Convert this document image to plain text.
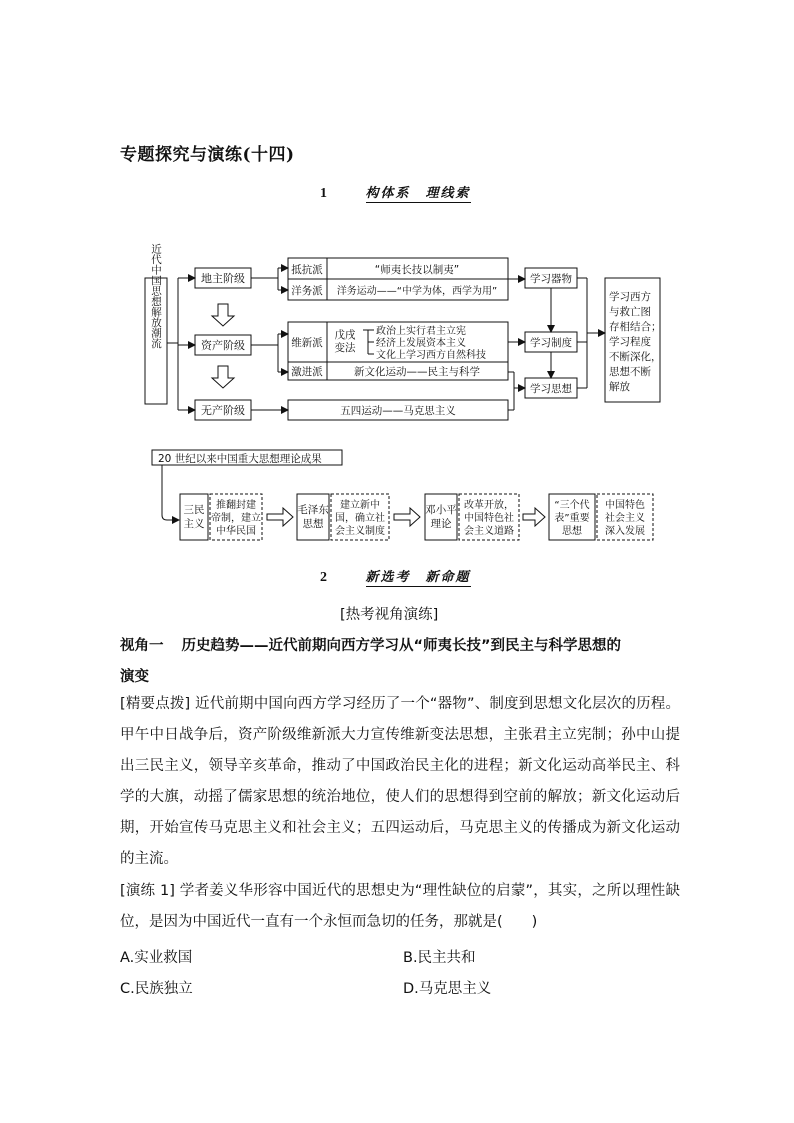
专题探究与演练(十四)
1	构体系　理线索
近代中国思想解放潮流	地主阶级
资产阶级
无产阶级
抵抗派
洋务派
维新派
激进派
“师夷长技以制夷”
洋务运动——“中学为体，西学为用”
戊戌
变法
政治上实行君主立宪
经济上发展资本主义
文化上学习西方自然科技
新文化运动——民主与科学
五四运动——马克思主义
学习器物
学习制度
学习思想
学习西方
与救亡图
存相结合；
学习程度
不断深化，
思想不断
解放
20 世纪以来中国重大思想理论成果
三民
主义
推翻封建
帝制，建立
中华民国
毛泽东
思想
建立新中
国，确立社
会主义制度
邓小平
理论
改革开放，
中国特色社
会主义道路
“三个代
表”重要
思想
中国特色
社会主义
深入发展
2	新选考　新命题
[热考视角演练]
视角一 历史趋势——近代前期向西方学习从“师夷长技”到民主与科学思想的
演变
[精要点拨] 近代前期中国向西方学习经历了一个“器物”、制度到思想文化层次的历程。甲午中日战争后，资产阶级维新派大力宣传维新变法思想，主张君主立宪制；孙中山提出三民主义，领导辛亥革命，推动了中国政治民主化的进程；新文化运动高举民主、科学的大旗，动摇了儒家思想的统治地位，使人们的思想得到空前的解放；新文化运动后期，开始宣传马克思主义和社会主义；五四运动后，马克思主义的传播成为新文化运动的主流。
[演练 1] 学者姜义华形容中国近代的思想史为“理性缺位的启蒙”，其实，之所以理性缺位，是因为中国近代一直有一个永恒而急切的任务，那就是(　　)
A.实业救国	B.民主共和
C.民族独立	D.马克思主义
